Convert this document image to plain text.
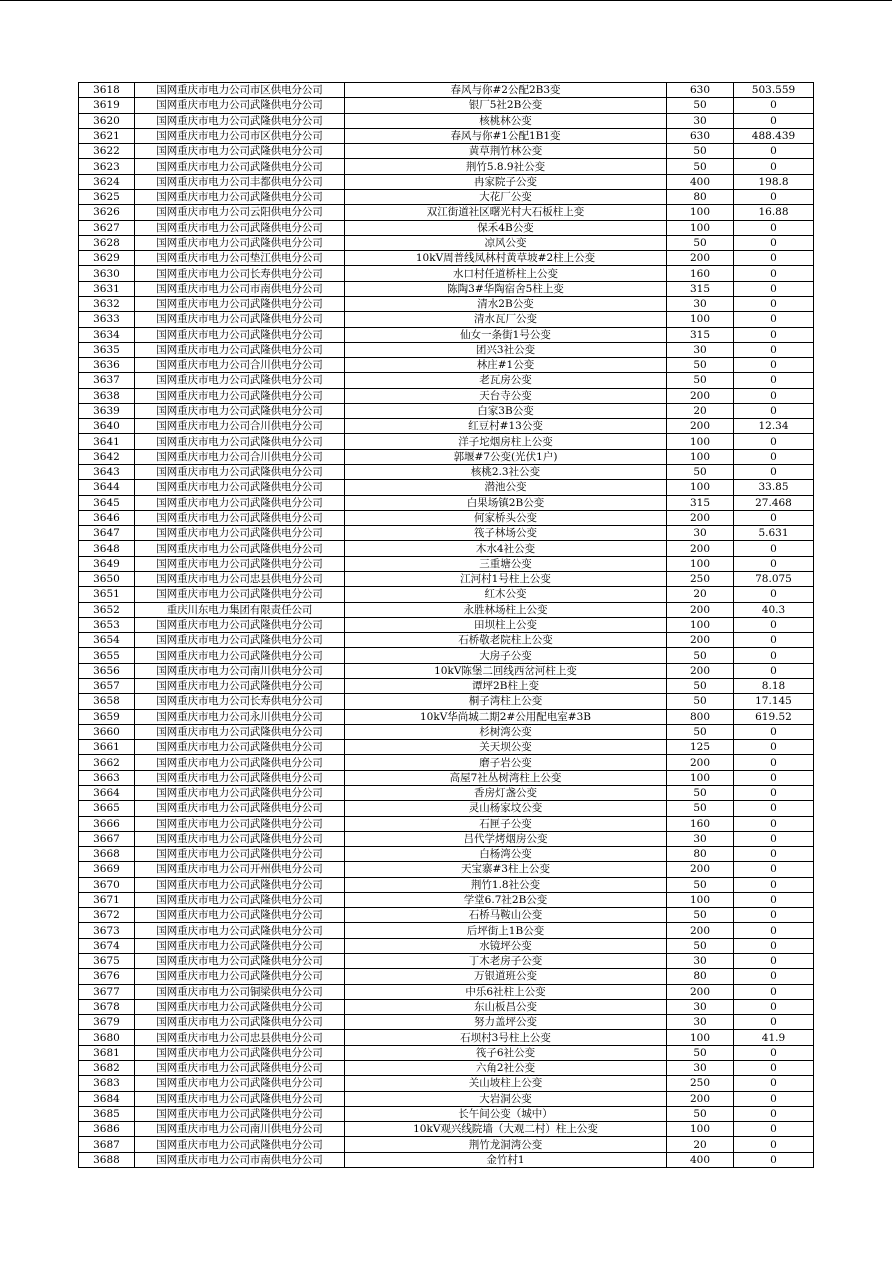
3618	国网重庆市电力公司市区供电分公司	春风与你#2公配2B3变	630	503.559
3619	国网重庆市电力公司武隆供电分公司	银厂5社2B公变	50	0
3620	国网重庆市电力公司武隆供电分公司	核桃林公变	30	0
3621	国网重庆市电力公司市区供电分公司	春风与你#1公配1B1变	630	488.439
3622	国网重庆市电力公司武隆供电分公司	黄草荆竹林公变	50	0
3623	国网重庆市电力公司武隆供电分公司	荆竹5.8.9社公变	50	0
3624	国网重庆市电力公司丰都供电分公司	冉家院子公变	400	198.8
3625	国网重庆市电力公司武隆供电分公司	大花厂公变	80	0
3626	国网重庆市电力公司云阳供电分公司	双江街道社区曙光村大石板柱上变	100	16.88
3627	国网重庆市电力公司武隆供电分公司	保禾4B公变	100	0
3628	国网重庆市电力公司武隆供电分公司	凉风公变	50	0
3629	国网重庆市电力公司垫江供电分公司	10kV周普线凤林村黄草坡#2柱上公变	200	0
3630	国网重庆市电力公司长寿供电分公司	水口村任道桥柱上公变	160	0
3631	国网重庆市电力公司市南供电分公司	陈陶3#华陶宿舍5柱上变	315	0
3632	国网重庆市电力公司武隆供电分公司	清水2B公变	30	0
3633	国网重庆市电力公司武隆供电分公司	清水瓦厂公变	100	0
3634	国网重庆市电力公司武隆供电分公司	仙女一条街1号公变	315	0
3635	国网重庆市电力公司武隆供电分公司	团兴3社公变	30	0
3636	国网重庆市电力公司合川供电分公司	林庄#1公变	50	0
3637	国网重庆市电力公司武隆供电分公司	老瓦房公变	50	0
3638	国网重庆市电力公司武隆供电分公司	天台寺公变	200	0
3639	国网重庆市电力公司武隆供电分公司	白家3B公变	20	0
3640	国网重庆市电力公司合川供电分公司	红豆村#13公变	200	12.34
3641	国网重庆市电力公司武隆供电分公司	洋子坨烟房柱上公变	100	0
3642	国网重庆市电力公司合川供电分公司	郭堰#7公变(光伏1户)	100	0
3643	国网重庆市电力公司武隆供电分公司	核桃2.3社公变	50	0
3644	国网重庆市电力公司武隆供电分公司	潜池公变	100	33.85
3645	国网重庆市电力公司武隆供电分公司	白果场镇2B公变	315	27.468
3646	国网重庆市电力公司武隆供电分公司	何家桥头公变	200	0
3647	国网重庆市电力公司武隆供电分公司	筏子林场公变	30	5.631
3648	国网重庆市电力公司武隆供电分公司	木水4社公变	200	0
3649	国网重庆市电力公司武隆供电分公司	三重塘公变	100	0
3650	国网重庆市电力公司忠县供电分公司	江河村1号柱上公变	250	78.075
3651	国网重庆市电力公司武隆供电分公司	红木公变	20	0
3652	重庆川东电力集团有限责任公司	永胜林场柱上公变	200	40.3
3653	国网重庆市电力公司武隆供电分公司	田坝柱上公变	100	0
3654	国网重庆市电力公司武隆供电分公司	石桥敬老院柱上公变	200	0
3655	国网重庆市电力公司武隆供电分公司	大房子公变	50	0
3656	国网重庆市电力公司南川供电分公司	10kV陈堡二回线西岔河柱上变	200	0
3657	国网重庆市电力公司武隆供电分公司	谭坪2B柱上变	50	8.18
3658	国网重庆市电力公司长寿供电分公司	桐子湾柱上公变	50	17.145
3659	国网重庆市电力公司永川供电分公司	10kV华尚城二期2#公用配电室#3B	800	619.52
3660	国网重庆市电力公司武隆供电分公司	杉树湾公变	50	0
3661	国网重庆市电力公司武隆供电分公司	关天坝公变	125	0
3662	国网重庆市电力公司武隆供电分公司	磨子岩公变	200	0
3663	国网重庆市电力公司武隆供电分公司	高屋7社丛树湾柱上公变	100	0
3664	国网重庆市电力公司武隆供电分公司	香房灯盏公变	50	0
3665	国网重庆市电力公司武隆供电分公司	灵山杨家坟公变	50	0
3666	国网重庆市电力公司武隆供电分公司	石匣子公变	160	0
3667	国网重庆市电力公司武隆供电分公司	吕代学烤烟房公变	30	0
3668	国网重庆市电力公司武隆供电分公司	白杨湾公变	80	0
3669	国网重庆市电力公司开州供电分公司	天宝寨#3柱上公变	200	0
3670	国网重庆市电力公司武隆供电分公司	荆竹1.8社公变	50	0
3671	国网重庆市电力公司武隆供电分公司	学堂6.7社2B公变	100	0
3672	国网重庆市电力公司武隆供电分公司	石桥马鞍山公变	50	0
3673	国网重庆市电力公司武隆供电分公司	后坪街上1B公变	200	0
3674	国网重庆市电力公司武隆供电分公司	水镜坪公变	50	0
3675	国网重庆市电力公司武隆供电分公司	丁木老房子公变	30	0
3676	国网重庆市电力公司武隆供电分公司	万银道班公变	80	0
3677	国网重庆市电力公司铜梁供电分公司	中乐6社柱上公变	200	0
3678	国网重庆市电力公司武隆供电分公司	东山板昌公变	30	0
3679	国网重庆市电力公司武隆供电分公司	努力盖坪公变	30	0
3680	国网重庆市电力公司忠县供电分公司	石坝村3号柱上公变	100	41.9
3681	国网重庆市电力公司武隆供电分公司	筏子6社公变	50	0
3682	国网重庆市电力公司武隆供电分公司	六角2社公变	30	0
3683	国网重庆市电力公司武隆供电分公司	关山坡柱上公变	250	0
3684	国网重庆市电力公司武隆供电分公司	大岩洞公变	200	0
3685	国网重庆市电力公司武隆供电分公司	长午间公变（城中）	50	0
3686	国网重庆市电力公司南川供电分公司	10kV观兴线院墙（大观二村）柱上公变	100	0
3687	国网重庆市电力公司武隆供电分公司	荆竹龙洞湾公变	20	0
3688	国网重庆市电力公司市南供电分公司	金竹村1	400	0
